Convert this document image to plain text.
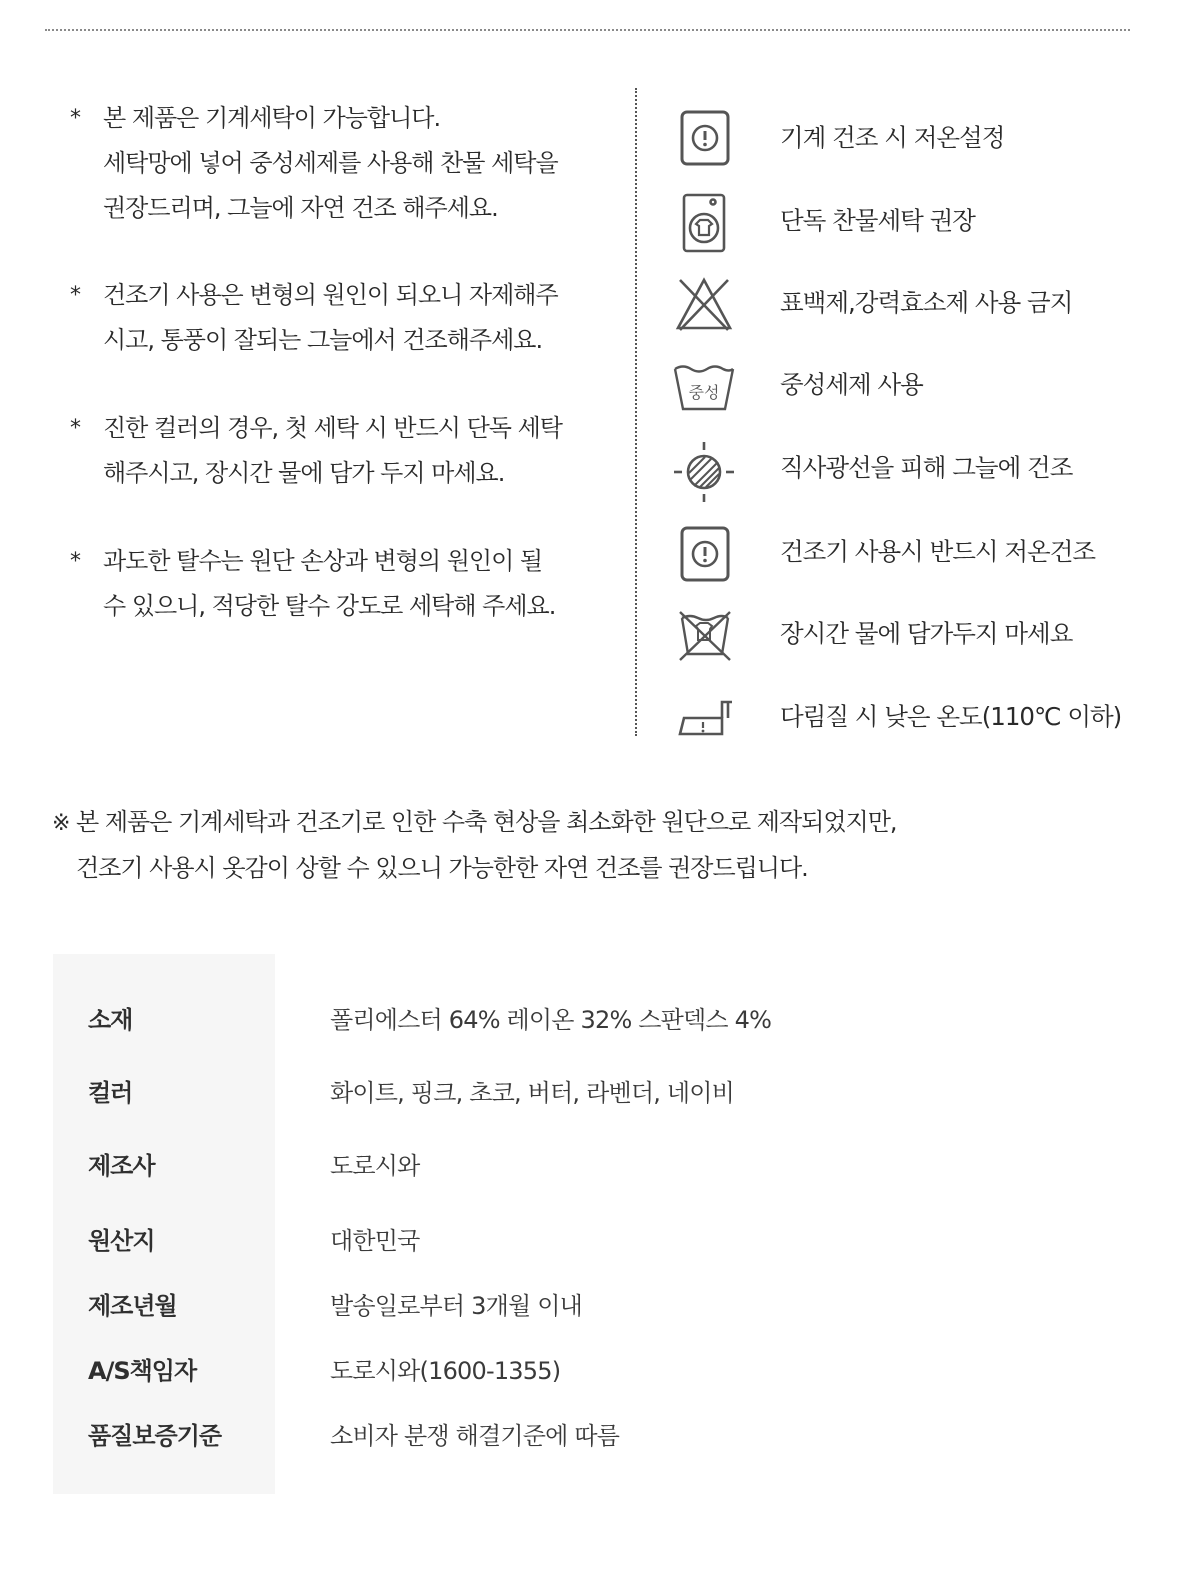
* 본 제품은 기계세탁이 가능합니다.
세탁망에 넣어 중성세제를 사용해 찬물 세탁을
권장드리며, 그늘에 자연 건조 해주세요.
* 건조기 사용은 변형의 원인이 되오니 자제해주
시고, 통풍이 잘되는 그늘에서 건조해주세요.
* 진한 컬러의 경우, 첫 세탁 시 반드시 단독 세탁
해주시고, 장시간 물에 담가 두지 마세요.
* 과도한 탈수는 원단 손상과 변형의 원인이 될
수 있으니, 적당한 탈수 강도로 세탁해 주세요.
기계 건조 시 저온설정
단독 찬물세탁 권장
표백제,강력효소제 사용 금지
중성 중성세제 사용
직사광선을 피해 그늘에 건조
건조기 사용시 반드시 저온건조
장시간 물에 담가두지 마세요
다림질 시 낮은 온도(110℃ 이하)
※ 본 제품은 기계세탁과 건조기로 인한 수축 현상을 최소화한 원단으로 제작되었지만,
건조기 사용시 옷감이 상할 수 있으니 가능한한 자연 건조를 권장드립니다.
소재	폴리에스터 64% 레이온 32% 스판덱스 4%
컬러	화이트, 핑크, 초코, 버터, 라벤더, 네이비
제조사	도로시와
원산지	대한민국
제조년월	발송일로부터 3개월 이내
A/S책임자	도로시와(1600-1355)
품질보증기준	소비자 분쟁 해결기준에 따름
